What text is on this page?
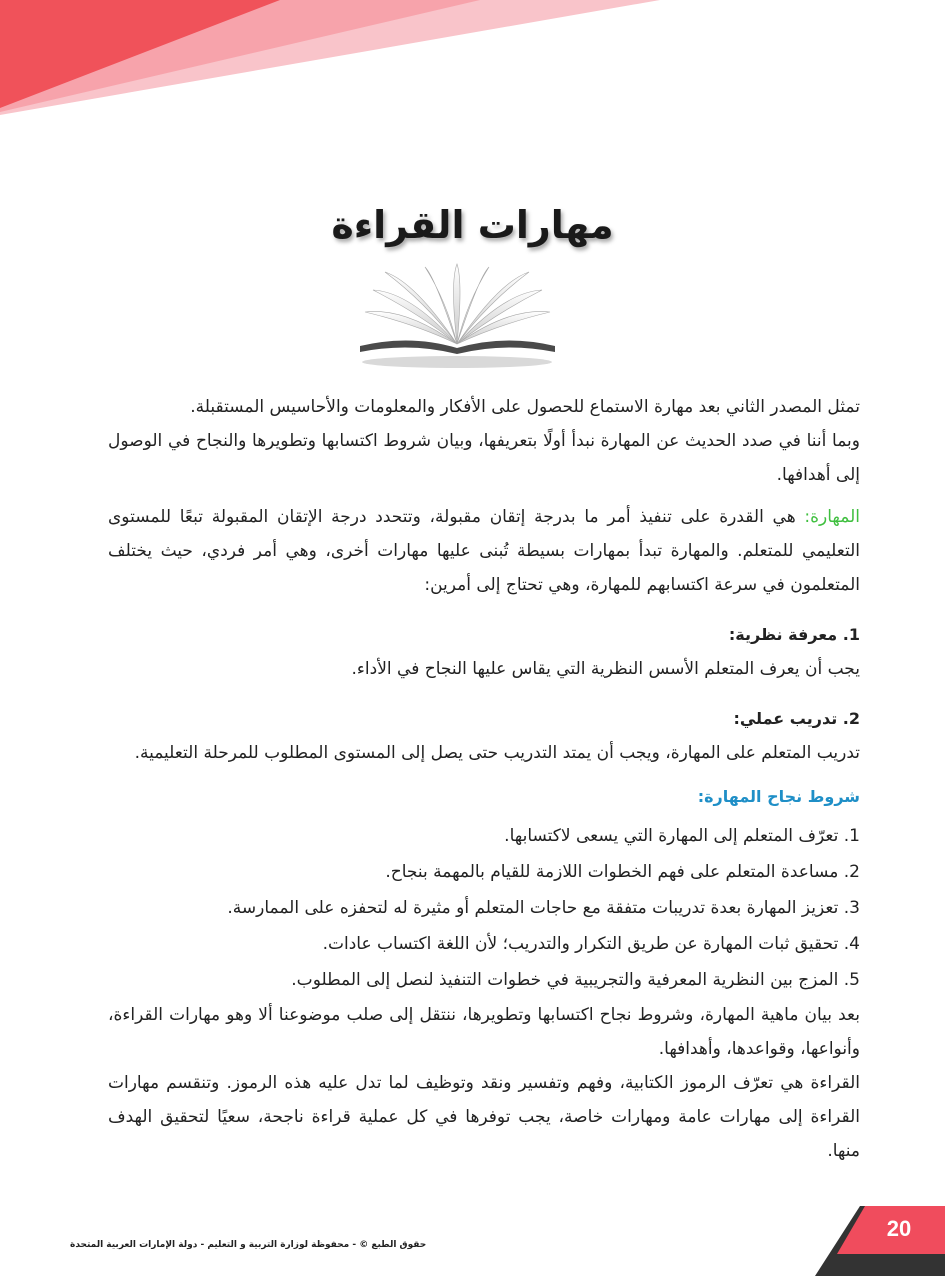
مهارات القراءة

تمثل المصدر الثاني بعد مهارة الاستماع للحصول على الأفكار والمعلومات والأحاسيس المستقبلة.

وبما أننا في صدد الحديث عن المهارة نبدأ أولًا بتعريفها، وبيان شروط اكتسابها وتطويرها والنجاح في الوصول إلى أهدافها.

المهارة: هي القدرة على تنفيذ أمر ما بدرجة إتقان مقبولة، وتتحدد درجة الإتقان المقبولة تبعًا للمستوى التعليمي للمتعلم. والمهارة تبدأ بمهارات بسيطة تُبنى عليها مهارات أخرى، وهي أمر فردي، حيث يختلف المتعلمون في سرعة اكتسابهم للمهارة، وهي تحتاج إلى أمرين:

1. معرفة نظرية:

يجب أن يعرف المتعلم الأسس النظرية التي يقاس عليها النجاح في الأداء.

2. تدريب عملي:

تدريب المتعلم على المهارة، ويجب أن يمتد التدريب حتى يصل إلى المستوى المطلوب للمرحلة التعليمية.

شروط نجاح المهارة:

1. تعرّف المتعلم إلى المهارة التي يسعى لاكتسابها.
2. مساعدة المتعلم على فهم الخطوات اللازمة للقيام بالمهمة بنجاح.
3. تعزيز المهارة بعدة تدريبات متفقة مع حاجات المتعلم أو مثيرة له لتحفزه على الممارسة.
4. تحقيق ثبات المهارة عن طريق التكرار والتدريب؛ لأن اللغة اكتساب عادات.
5. المزج بين النظرية المعرفية والتجريبية في خطوات التنفيذ لنصل إلى المطلوب.

بعد بيان ماهية المهارة، وشروط نجاح اكتسابها وتطويرها، ننتقل إلى صلب موضوعنا ألا وهو مهارات القراءة، وأنواعها، وقواعدها، وأهدافها.

القراءة هي تعرّف الرموز الكتابية، وفهم وتفسير ونقد وتوظيف لما تدل عليه هذه الرموز. وتنقسم مهارات القراءة إلى مهارات عامة ومهارات خاصة، يجب توفرها في كل عملية قراءة ناجحة، سعيًا لتحقيق الهدف منها.

حقوق الطبع © - محفوظة لوزارة التربية و التعليم - دولة الإمارات العربية المتحدة
20
